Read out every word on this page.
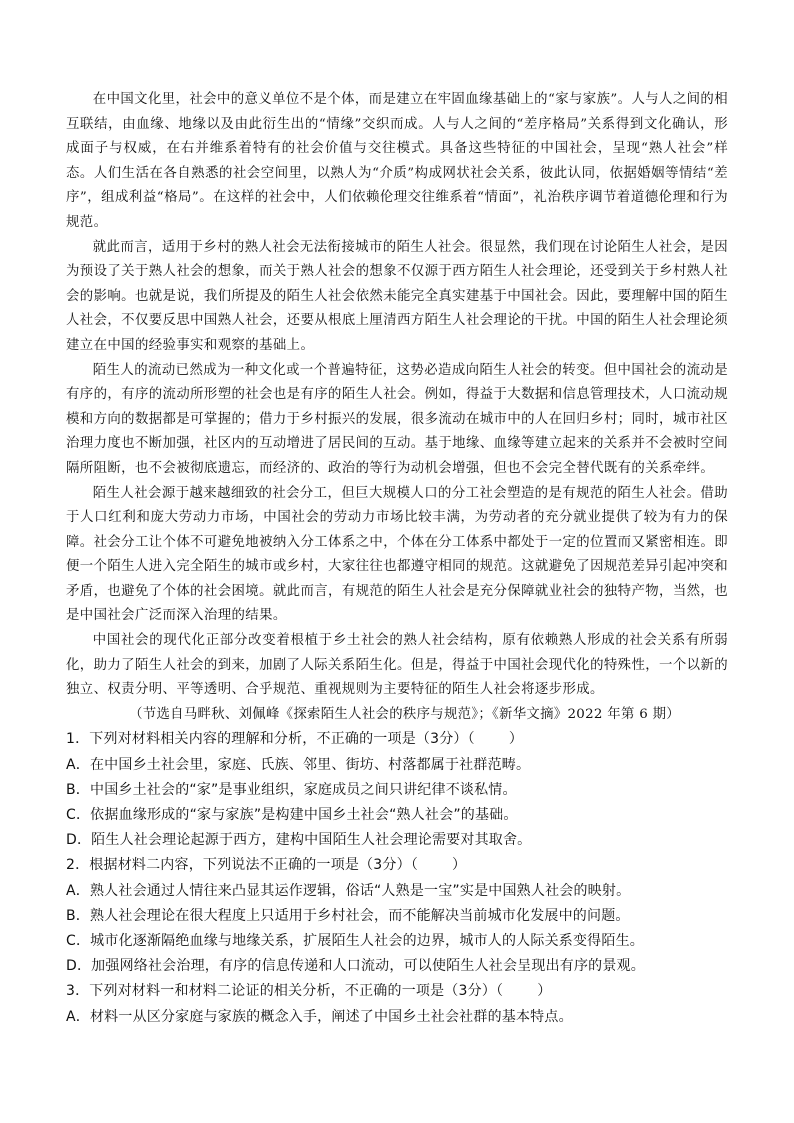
在中国文化里，社会中的意义单位不是个体，而是建立在牢固血缘基础上的“家与家族”。人与人之间的相互联结，由血缘、地缘以及由此衍生出的“情缘”交织而成。人与人之间的“差序格局”关系得到文化确认，形成面子与权威，在右并维系着特有的社会价值与交往模式。具备这些特征的中国社会，呈现“熟人社会”样态。人们生活在各自熟悉的社会空间里，以熟人为“介质”构成网状社会关系，彼此认同，依据婚姻等情结“差序”，组成利益“格局”。在这样的社会中，人们依赖伦理交往维系着“情面”，礼治秩序调节着道德伦理和行为规范。

就此而言，适用于乡村的熟人社会无法衔接城市的陌生人社会。很显然，我们现在讨论陌生人社会，是因为预设了关于熟人社会的想象，而关于熟人社会的想象不仅源于西方陌生人社会理论，还受到关于乡村熟人社会的影响。也就是说，我们所提及的陌生人社会依然未能完全真实建基于中国社会。因此，要理解中国的陌生人社会，不仅要反思中国熟人社会，还要从根底上厘清西方陌生人社会理论的干扰。中国的陌生人社会理论须建立在中国的经验事实和观察的基础上。

陌生人的流动已然成为一种文化或一个普遍特征，这势必造成向陌生人社会的转变。但中国社会的流动是有序的，有序的流动所形塑的社会也是有序的陌生人社会。例如，得益于大数据和信息管理技术，人口流动规模和方向的数据都是可掌握的；借力于乡村振兴的发展，很多流动在城市中的人在回归乡村；同时，城市社区治理力度也不断加强，社区内的互动增进了居民间的互动。基于地缘、血缘等建立起来的关系并不会被时空间隔所阻断，也不会被彻底遗忘，而经济的、政治的等行为动机会增强，但也不会完全替代既有的关系牵绊。

陌生人社会源于越来越细致的社会分工，但巨大规模人口的分工社会塑造的是有规范的陌生人社会。借助于人口红利和庞大劳动力市场，中国社会的劳动力市场比较丰满，为劳动者的充分就业提供了较为有力的保障。社会分工让个体不可避免地被纳入分工体系之中，个体在分工体系中都处于一定的位置而又紧密相连。即便一个陌生人进入完全陌生的城市或乡村，大家往往也都遵守相同的规范。这就避免了因规范差异引起冲突和矛盾，也避免了个体的社会困境。就此而言，有规范的陌生人社会是充分保障就业社会的独特产物，当然，也是中国社会广泛而深入治理的结果。

中国社会的现代化正部分改变着根植于乡土社会的熟人社会结构，原有依赖熟人形成的社会关系有所弱化，助力了陌生人社会的到来，加剧了人际关系陌生化。但是，得益于中国社会现代化的特殊性，一个以新的独立、权责分明、平等透明、合乎规范、重视规则为主要特征的陌生人社会将逐步形成。

（节选自马畔秋、刘佩峰《探索陌生人社会的秩序与规范》；《新华文摘》2022 年第 6 期）

1．下列对材料相关内容的理解和分析，不正确的一项是（3分）（ ）

A．在中国乡土社会里，家庭、氏族、邻里、街坊、村落都属于社群范畴。

B．中国乡土社会的“家”是事业组织，家庭成员之间只讲纪律不谈私情。

C．依据血缘形成的“家与家族”是构建中国乡土社会“熟人社会”的基础。

D．陌生人社会理论起源于西方，建构中国陌生人社会理论需要对其取舍。

2．根据材料二内容，下列说法不正确的一项是（3分）（ ）

A．熟人社会通过人情往来凸显其运作逻辑，俗话“人熟是一宝”实是中国熟人社会的映射。

B．熟人社会理论在很大程度上只适用于乡村社会，而不能解决当前城市化发展中的问题。

C．城市化逐渐隔绝血缘与地缘关系，扩展陌生人社会的边界，城市人的人际关系变得陌生。

D．加强网络社会治理，有序的信息传递和人口流动，可以使陌生人社会呈现出有序的景观。

3．下列对材料一和材料二论证的相关分析，不正确的一项是（3分）（ ）

A．材料一从区分家庭与家族的概念入手，阐述了中国乡土社会社群的基本特点。
